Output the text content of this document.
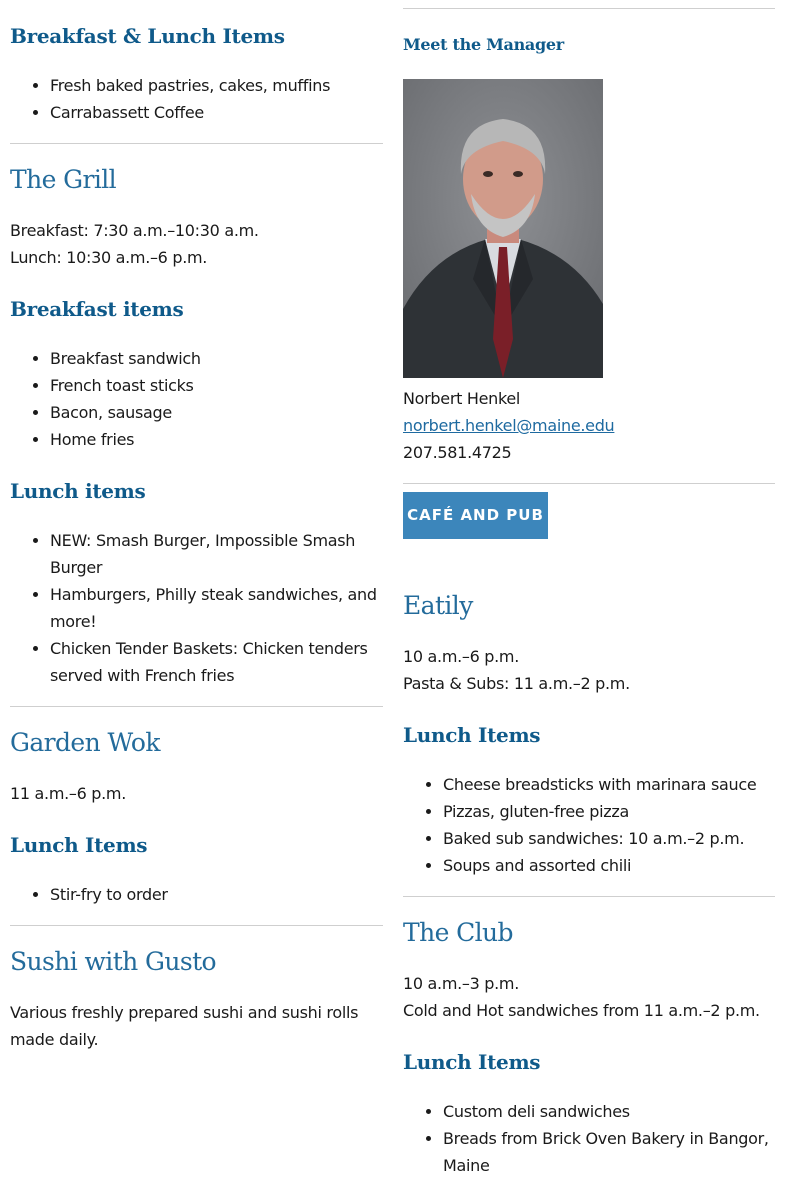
Breakfast & Lunch Items
• Fresh baked pastries, cakes, muffins
• Carrabassett Coffee
The Grill

Breakfast: 7:30 a.m.–10:30 a.m.

Lunch: 10:30 a.m.–6 p.m.

Breakfast items
• Breakfast sandwich
• French toast sticks
• Bacon, sausage
• Home fries
Lunch items
• NEW: Smash Burger, Impossible Smash Burger
• Hamburgers, Philly steak sandwiches, and more!
• Chicken Tender Baskets: Chicken tenders served with French fries
Garden Wok

11 a.m.–6 p.m.

Lunch Items
• Stir-fry to order
Sushi with Gusto

Various freshly prepared sushi and sushi rolls made daily.

Meet the Manager

Norbert Henkel

norbert.henkel@maine.edu

207.581.4725

CAFÉ AND PUB
Eatily

10 a.m.–6 p.m.

Pasta & Subs: 11 a.m.–2 p.m.

Lunch Items
• Cheese breadsticks with marinara sauce
• Pizzas, gluten-free pizza
• Baked sub sandwiches: 10 a.m.–2 p.m.
• Soups and assorted chili
The Club

10 a.m.–3 p.m.

Cold and Hot sandwiches from 11 a.m.–2 p.m.

Lunch Items
• Custom deli sandwiches
• Breads from Brick Oven Bakery in Bangor, Maine
